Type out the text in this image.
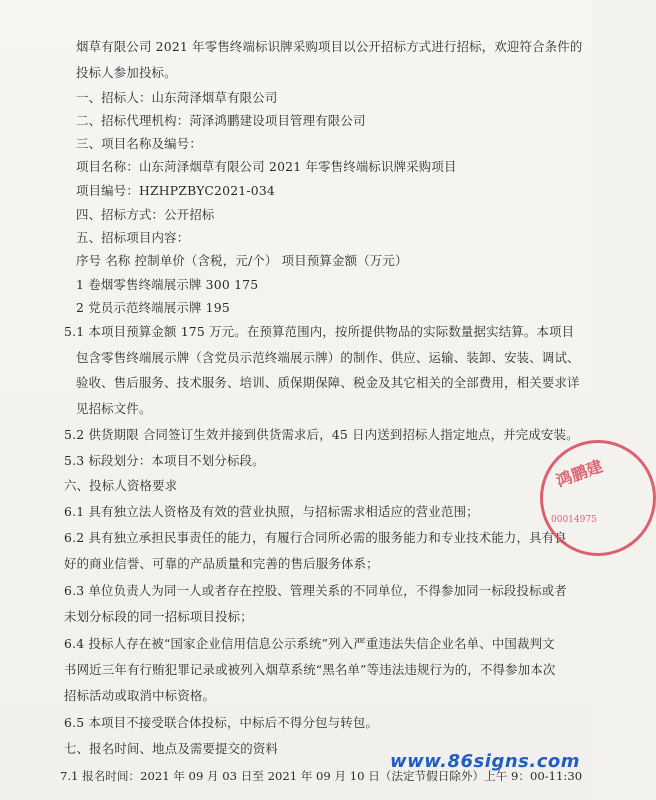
烟草有限公司 2021 年零售终端标识牌采购项目以公开招标方式进行招标，欢迎符合条件的
投标人参加投标。
一、招标人：山东菏泽烟草有限公司
二、招标代理机构：菏泽鸿鹏建设项目管理有限公司
三、项目名称及编号：
项目名称：山东菏泽烟草有限公司 2021 年零售终端标识牌采购项目
项目编号：HZHPZBYC2021-034
四、招标方式：公开招标
五、招标项目内容：
序号 名称 控制单价（含税，元/个） 项目预算金额（万元）
1 卷烟零售终端展示牌 300 175
2 党员示范终端展示牌 195
5.1 本项目预算金额 175 万元。在预算范围内，按所提供物品的实际数量据实结算。本项目
包含零售终端展示牌（含党员示范终端展示牌）的制作、供应、运输、装卸、安装、调试、
验收、售后服务、技术服务、培训、质保期保障、税金及其它相关的全部费用，相关要求详
见招标文件。
5.2 供货期限 合同签订生效并接到供货需求后，45 日内送到招标人指定地点，并完成安装。
5.3 标段划分：本项目不划分标段。
六、投标人资格要求
6.1 具有独立法人资格及有效的营业执照，与招标需求相适应的营业范围；
6.2 具有独立承担民事责任的能力，有履行合同所必需的服务能力和专业技术能力，具有良
好的商业信誉、可靠的产品质量和完善的售后服务体系；
6.3 单位负责人为同一人或者存在控股、管理关系的不同单位，不得参加同一标段投标或者
未划分标段的同一招标项目投标；
6.4 投标人存在被“国家企业信用信息公示系统”列入严重违法失信企业名单、中国裁判文
书网近三年有行贿犯罪记录或被列入烟草系统“黑名单”等违法违规行为的，不得参加本次
招标活动或取消中标资格。
6.5 本项目不接受联合体投标，中标后不得分包与转包。
七、报名时间、地点及需要提交的资料
7.1 报名时间：2021 年 09 月 03 日至 2021 年 09 月 10 日（法定节假日除外）上午 9：00-11:30
鸿鹏建
00014975
www.86signs.com
